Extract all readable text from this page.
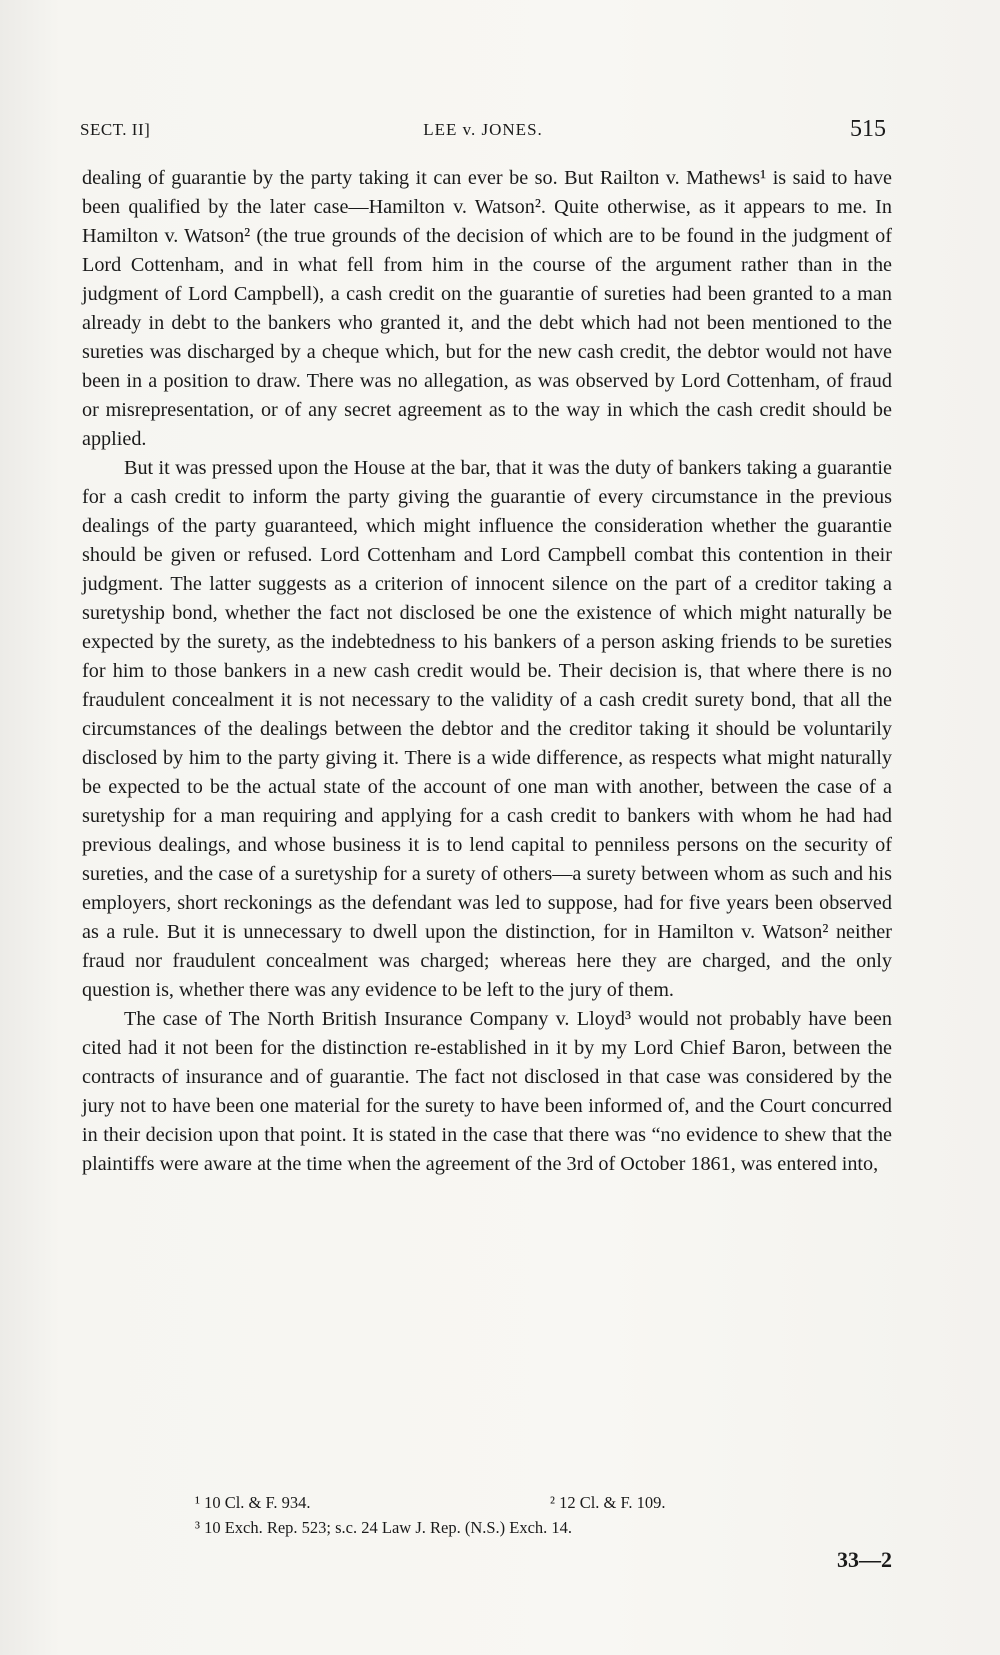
SECT. II]	LEE v. JONES.	515

dealing of guarantie by the party taking it can ever be so. But Railton v. Mathews¹ is said to have been qualified by the later case—Hamilton v. Watson². Quite otherwise, as it appears to me. In Hamilton v. Watson² (the true grounds of the decision of which are to be found in the judgment of Lord Cottenham, and in what fell from him in the course of the argument rather than in the judgment of Lord Campbell), a cash credit on the guarantie of sureties had been granted to a man already in debt to the bankers who granted it, and the debt which had not been mentioned to the sureties was discharged by a cheque which, but for the new cash credit, the debtor would not have been in a position to draw. There was no allegation, as was observed by Lord Cottenham, of fraud or misrepresentation, or of any secret agreement as to the way in which the cash credit should be applied.

But it was pressed upon the House at the bar, that it was the duty of bankers taking a guarantie for a cash credit to inform the party giving the guarantie of every circumstance in the previous dealings of the party guaranteed, which might influence the consideration whether the guarantie should be given or refused. Lord Cottenham and Lord Campbell combat this contention in their judgment. The latter suggests as a criterion of innocent silence on the part of a creditor taking a suretyship bond, whether the fact not disclosed be one the existence of which might naturally be expected by the surety, as the indebtedness to his bankers of a person asking friends to be sureties for him to those bankers in a new cash credit would be. Their decision is, that where there is no fraudulent concealment it is not necessary to the validity of a cash credit surety bond, that all the circumstances of the dealings between the debtor and the creditor taking it should be voluntarily disclosed by him to the party giving it. There is a wide difference, as respects what might naturally be expected to be the actual state of the account of one man with another, between the case of a suretyship for a man requiring and applying for a cash credit to bankers with whom he had had previous dealings, and whose business it is to lend capital to penniless persons on the security of sureties, and the case of a suretyship for a surety of others—a surety between whom as such and his employers, short reckonings as the defendant was led to suppose, had for five years been observed as a rule. But it is unnecessary to dwell upon the distinction, for in Hamilton v. Watson² neither fraud nor fraudulent concealment was charged; whereas here they are charged, and the only question is, whether there was any evidence to be left to the jury of them.

The case of The North British Insurance Company v. Lloyd³ would not probably have been cited had it not been for the distinction re-established in it by my Lord Chief Baron, between the contracts of insurance and of guarantie. The fact not disclosed in that case was considered by the jury not to have been one material for the surety to have been informed of, and the Court concurred in their decision upon that point. It is stated in the case that there was “no evidence to shew that the plaintiffs were aware at the time when the agreement of the 3rd of October 1861, was entered into,

¹ 10 Cl. & F. 934.	² 12 Cl. & F. 109.
³ 10 Exch. Rep. 523; s.c. 24 Law J. Rep. (N.S.) Exch. 14.
33—2
